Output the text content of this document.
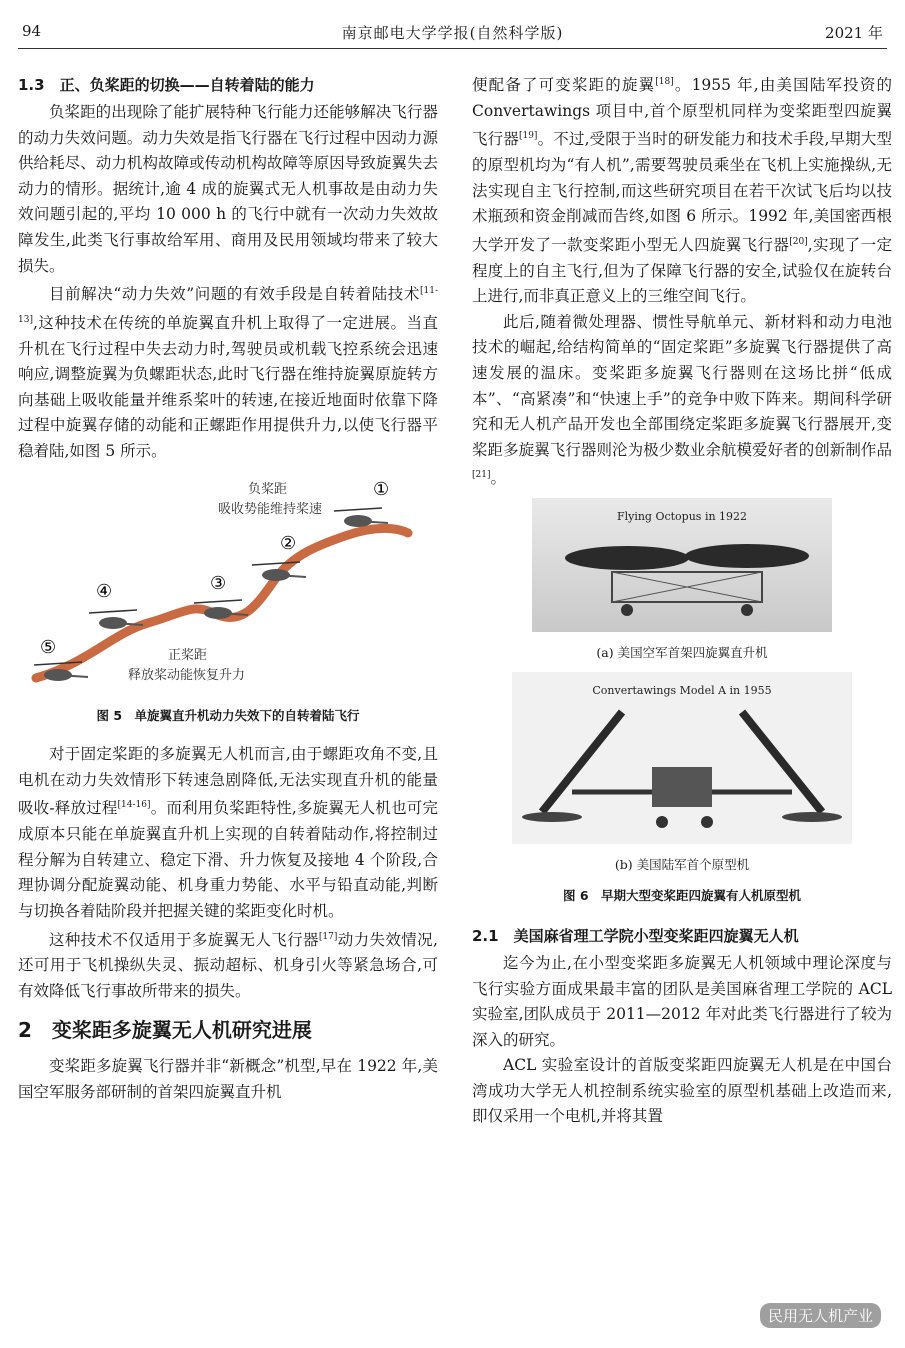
94	南京邮电大学学报(自然科学版)	2021 年
1.3　正、负桨距的切换——自转着陆的能力

负桨距的出现除了能扩展特种飞行能力还能够解决飞行器的动力失效问题。动力失效是指飞行器在飞行过程中因动力源供给耗尽、动力机构故障或传动机构故障等原因导致旋翼失去动力的情形。据统计,逾 4 成的旋翼式无人机事故是由动力失效问题引起的,平均 10 000 h 的飞行中就有一次动力失效故障发生,此类飞行事故给军用、商用及民用领域均带来了较大损失。

目前解决“动力失效”问题的有效手段是自转着陆技术[11-13],这种技术在传统的单旋翼直升机上取得了一定进展。当直升机在飞行过程中失去动力时,驾驶员或机载飞控系统会迅速响应,调整旋翼为负螺距状态,此时飞行器在维持旋翼原旋转方向基础上吸收能量并维系桨叶的转速,在接近地面时依靠下降过程中旋翼存储的动能和正螺距作用提供升力,以使飞行器平稳着陆,如图 5 所示。

①
②
③
④
⑤
负桨距
吸收势能维持桨速
正桨距
释放桨动能恢复升力
图 5　单旋翼直升机动力失效下的自转着陆飞行

对于固定桨距的多旋翼无人机而言,由于螺距攻角不变,且电机在动力失效情形下转速急剧降低,无法实现直升机的能量吸收-释放过程[14-16]。而利用负桨距特性,多旋翼无人机也可完成原本只能在单旋翼直升机上实现的自转着陆动作,将控制过程分解为自转建立、稳定下滑、升力恢复及接地 4 个阶段,合理协调分配旋翼动能、机身重力势能、水平与铅直动能,判断与切换各着陆阶段并把握关键的桨距变化时机。

这种技术不仅适用于多旋翼无人飞行器[17]动力失效情况,还可用于飞机操纵失灵、振动超标、机身引火等紧急场合,可有效降低飞行事故所带来的损失。

2　变桨距多旋翼无人机研究进展

变桨距多旋翼飞行器并非“新概念”机型,早在 1922 年,美国空军服务部研制的首架四旋翼直升机

便配备了可变桨距的旋翼[18]。1955 年,由美国陆军投资的 Convertawings 项目中,首个原型机同样为变桨距型四旋翼飞行器[19]。不过,受限于当时的研发能力和技术手段,早期大型的原型机均为“有人机”,需要驾驶员乘坐在飞机上实施操纵,无法实现自主飞行控制,而这些研究项目在若干次试飞后均以技术瓶颈和资金削减而告终,如图 6 所示。1992 年,美国密西根大学开发了一款变桨距小型无人四旋翼飞行器[20],实现了一定程度上的自主飞行,但为了保障飞行器的安全,试验仅在旋转台上进行,而非真正意义上的三维空间飞行。

此后,随着微处理器、惯性导航单元、新材料和动力电池技术的崛起,给结构简单的“固定桨距”多旋翼飞行器提供了高速发展的温床。变桨距多旋翼飞行器则在这场比拼“低成本”、“高紧凑”和“快速上手”的竞争中败下阵来。期间科学研究和无人机产品开发也全部围绕定桨距多旋翼飞行器展开,变桨距多旋翼飞行器则沦为极少数业余航模爱好者的创新制作品[21]。

Flying Octopus in 1922
(a) 美国空军首架四旋翼直升机
Convertawings Model A in 1955
(b) 美国陆军首个原型机
图 6　早期大型变桨距四旋翼有人机原型机
2.1　美国麻省理工学院小型变桨距四旋翼无人机

迄今为止,在小型变桨距多旋翼无人机领域中理论深度与飞行实验方面成果最丰富的团队是美国麻省理工学院的 ACL 实验室,团队成员于 2011—2012 年对此类飞行器进行了较为深入的研究。

ACL 实验室设计的首版变桨距四旋翼无人机是在中国台湾成功大学无人机控制系统实验室的原型机基础上改造而来,即仅采用一个电机,并将其置

民用无人机产业
